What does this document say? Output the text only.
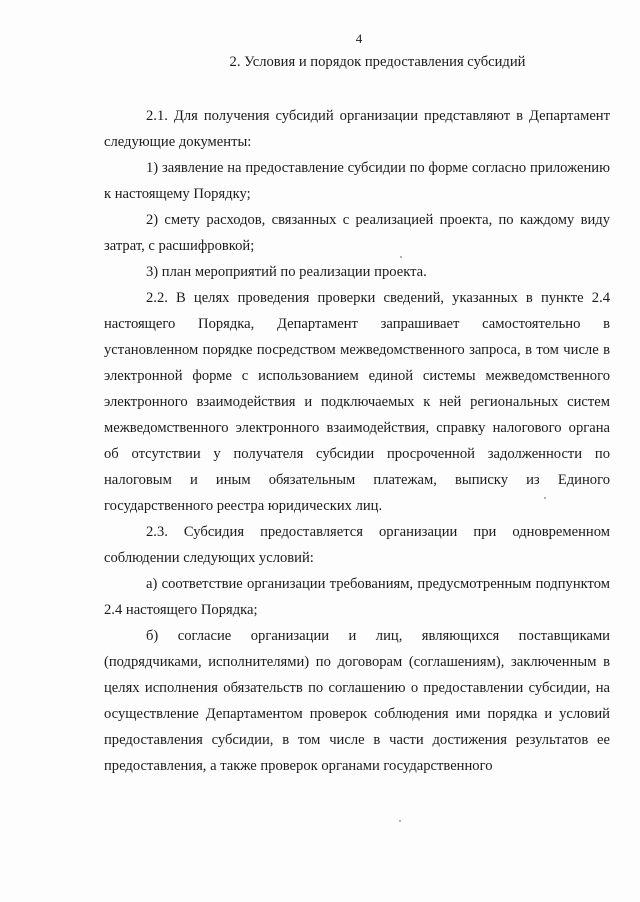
4
2. Условия и порядок предоставления субсидий

2.1. Для получения субсидий организации представляют в Департамент следующие документы:

1) заявление на предоставление субсидии по форме согласно приложению к настоящему Порядку;

2) смету расходов, связанных с реализацией проекта, по каждому виду затрат, с расшифровкой;

3) план мероприятий по реализации проекта.

2.2. В целях проведения проверки сведений, указанных в пункте 2.4 настоящего Порядка, Департамент запрашивает самостоятельно в установленном порядке посредством межведомственного запроса, в том числе в электронной форме с использованием единой системы межведомственного электронного взаимодействия и подключаемых к ней региональных систем межведомственного электронного взаимодействия, справку налогового органа об отсутствии у получателя субсидии просроченной задолженности по налоговым и иным обязательным платежам, выписку из Единого государственного реестра юридических лиц.

2.3. Субсидия предоставляется организации при одновременном соблюдении следующих условий:

а) соответствие организации требованиям, предусмотренным подпунктом 2.4 настоящего Порядка;

б) согласие организации и лиц, являющихся поставщиками (подрядчиками, исполнителями) по договорам (соглашениям), заключенным в целях исполнения обязательств по соглашению о предоставлении субсидии, на осуществление Департаментом проверок соблюдения ими порядка и условий предоставления субсидии, в том числе в части достижения результатов ее предоставления, а также проверок органами государственного
